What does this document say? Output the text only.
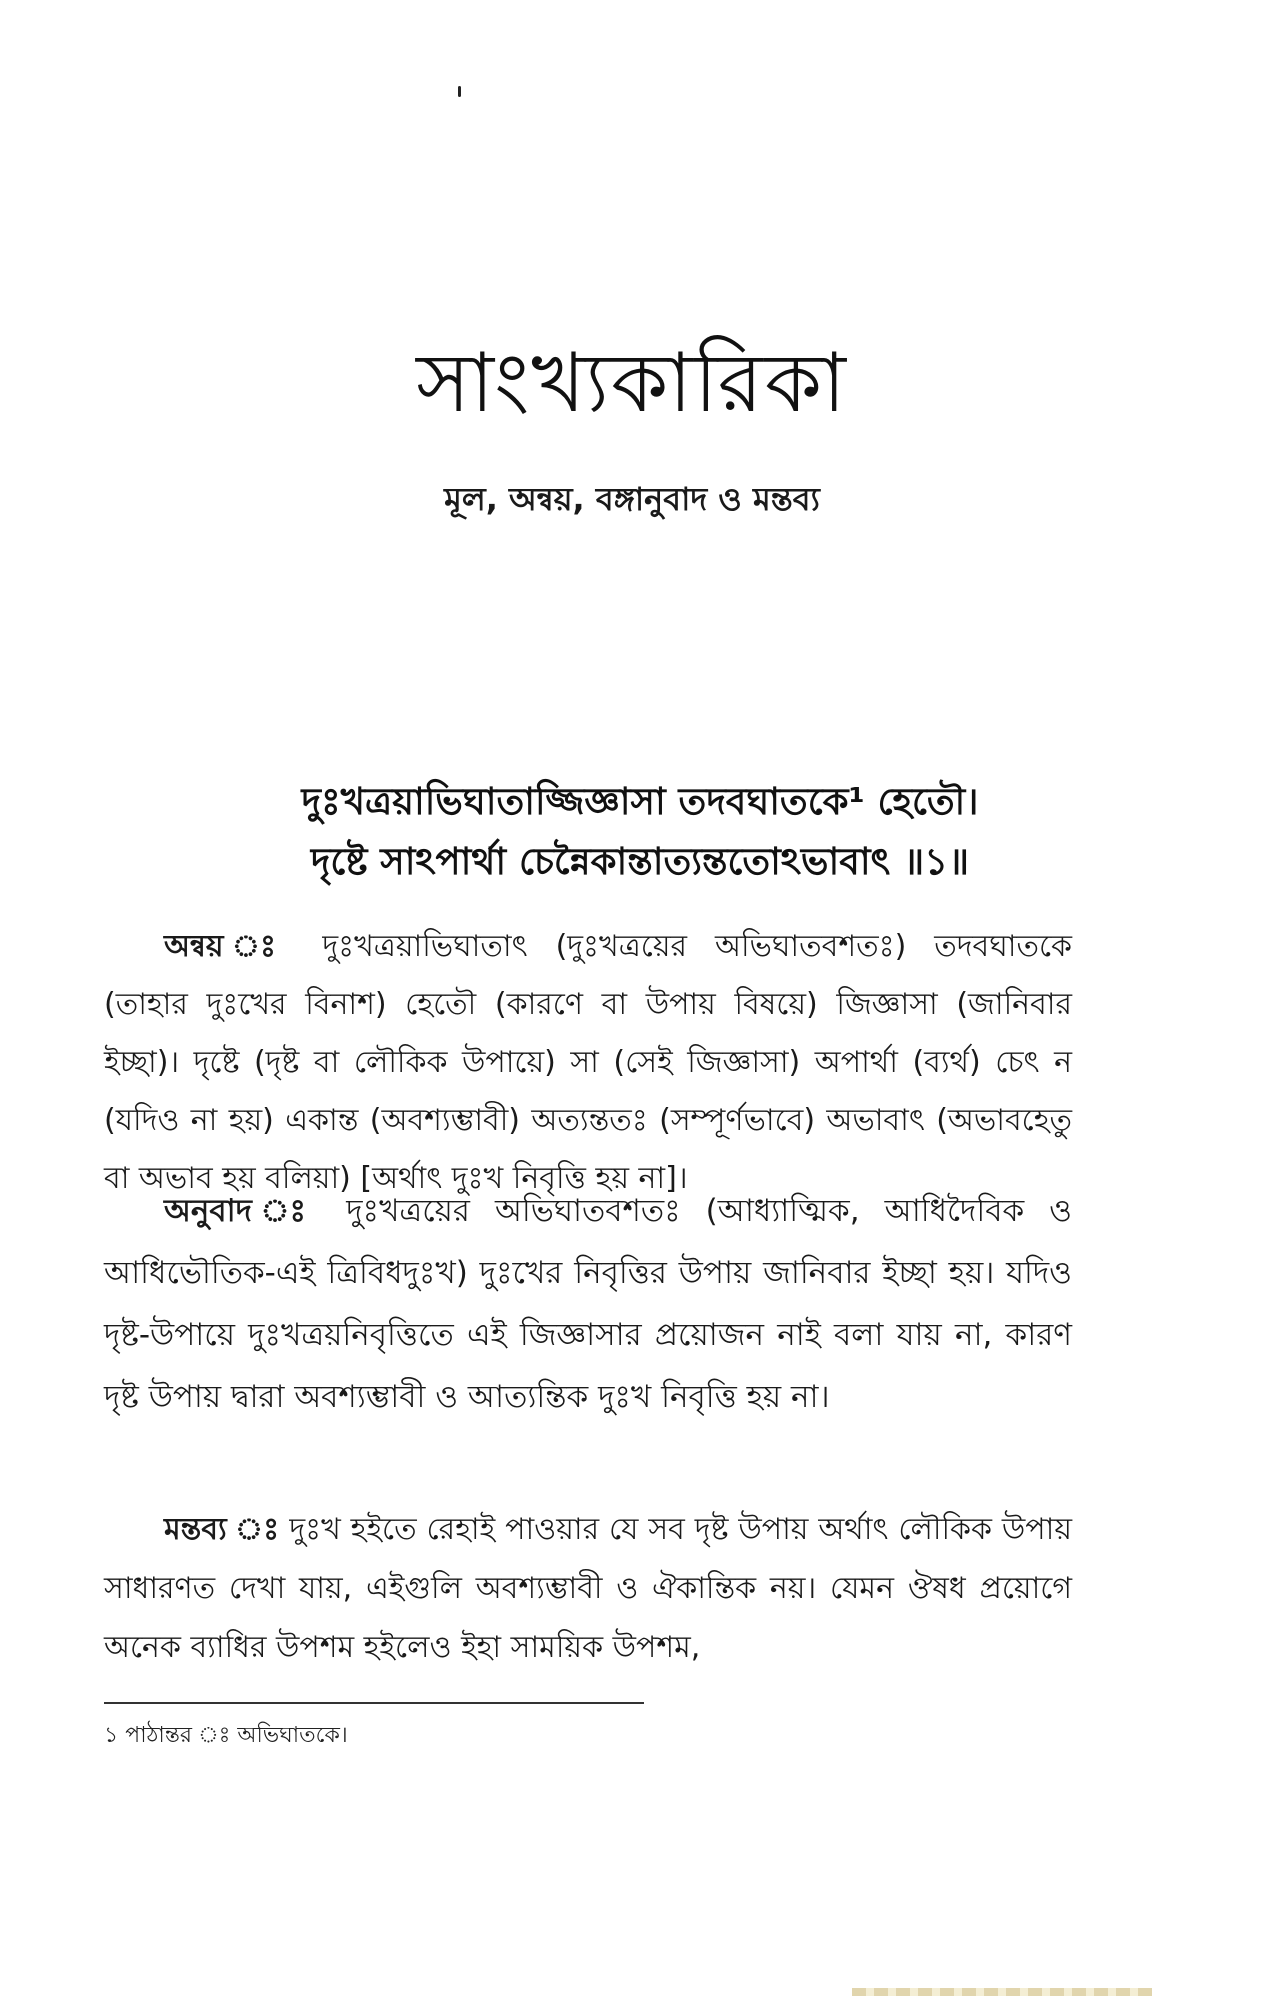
সাংখ্যকারিকা
মূল, অন্বয়, বঙ্গানুবাদ ও মন্তব্য
দুঃখত্রয়াভিঘাতাজ্জিজ্ঞাসা তদবঘাতকে¹ হেতৌ।
দৃষ্টে সাঽপার্থা চেন্নৈকান্তাত্যন্ততোঽভাবাৎ ॥১॥

অন্বয় ঃ দুঃখত্রয়াভিঘাতাৎ (দুঃখত্রয়ের অভিঘাতবশতঃ) তদবঘাতকে (তাহার দুঃখের বিনাশ) হেতৌ (কারণে বা উপায় বিষয়ে) জিজ্ঞাসা (জানিবার ইচ্ছা)। দৃষ্টে (দৃষ্ট বা লৌকিক উপায়ে) সা (সেই জিজ্ঞাসা) অপার্থা (ব্যর্থ) চেৎ ন (যদিও না হয়) একান্ত (অবশ্যম্ভাবী) অত্যন্ততঃ (সম্পূর্ণভাবে) অভাবাৎ (অভাবহেতু বা অভাব হয় বলিয়া) [অর্থাৎ দুঃখ নিবৃত্তি হয় না]।

অনুবাদ ঃ দুঃখত্রয়ের অভিঘাতবশতঃ (আধ্যাত্মিক, আধিদৈবিক ও আধিভৌতিক-এই ত্রিবিধদুঃখ) দুঃখের নিবৃত্তির উপায় জানিবার ইচ্ছা হয়। যদিও দৃষ্ট-উপায়ে দুঃখত্রয়নিবৃত্তিতে এই জিজ্ঞাসার প্রয়োজন নাই বলা যায় না, কারণ দৃষ্ট উপায় দ্বারা অবশ্যম্ভাবী ও আত্যন্তিক দুঃখ নিবৃত্তি হয় না।

মন্তব্য ঃ দুঃখ হইতে রেহাই পাওয়ার যে সব দৃষ্ট উপায় অর্থাৎ লৌকিক উপায় সাধারণত দেখা যায়, এইগুলি অবশ্যম্ভাবী ও ঐকান্তিক নয়। যেমন ঔষধ প্রয়োগে অনেক ব্যাধির উপশম হইলেও ইহা সাময়িক উপশম,

১ পাঠান্তর ঃ অভিঘাতকে।
